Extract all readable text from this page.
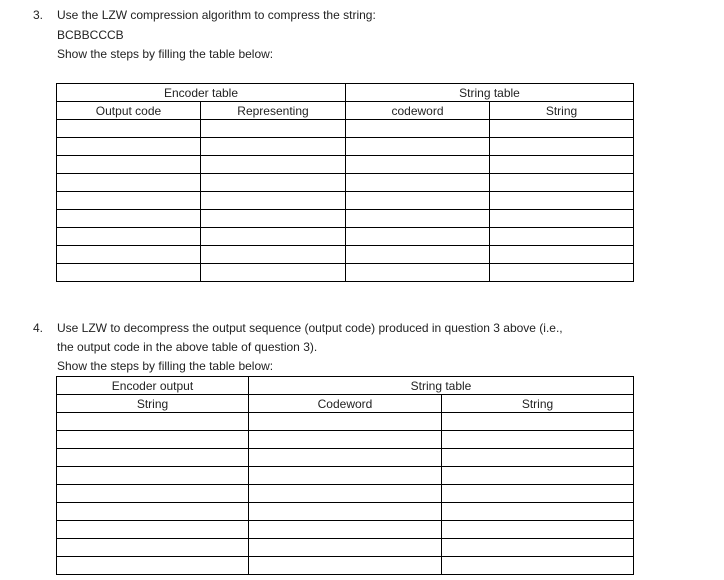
3. Use the LZW compression algorithm to compress the string:
BCBBCCCB
Show the steps by filling the table below:
Encoder table		String table	
Output code	Representing	codeword	String

4. Use LZW to decompress the output sequence (output code) produced in question 3 above (i.e.,
the output code in the above table of question 3).
Show the steps by filling the table below:
Encoder output	String table	
String	Codeword	String
